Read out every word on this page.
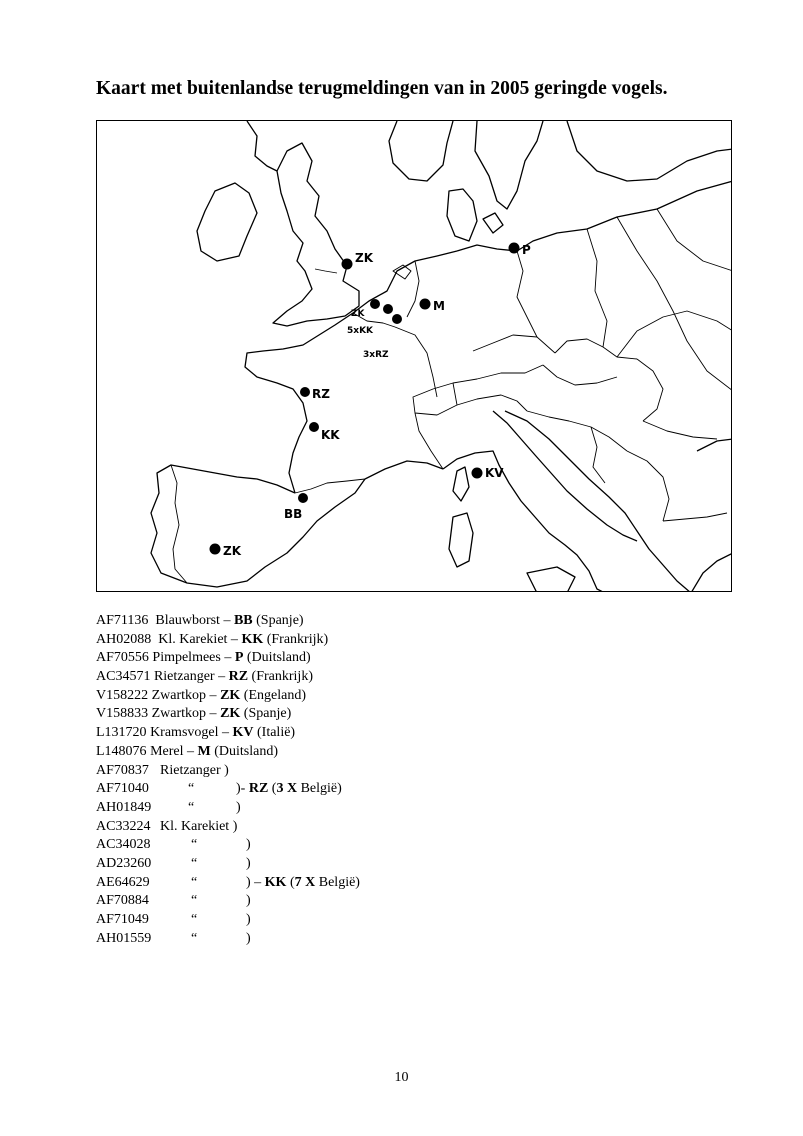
Kaart met buitenlandse terugmeldingen van in 2005 geringde vogels.
ZK
P
M
ZK
5xKK
3xRZ
RZ
KK
KV
BB
ZK
AF71136 Blauwborst – BB (Spanje)
AH02088 Kl. Karekiet – KK (Frankrijk)
AF70556 Pimpelmees – P (Duitsland)
AC34571 Rietzanger – RZ (Frankrijk)
V158222 Zwartkop – ZK (Engeland)
V158833 Zwartkop – ZK (Spanje)
L131720 Kramsvogel – KV (Italië)
L148076 Merel – M (Duitsland)
AF70837 Rietzanger )
AF71040	“	)- RZ (3 X België)
AH01849	“	)
AC33224 Kl. Karekiet )
AC34028	“	)
AD23260	“	)
AE64629	“	) – KK (7 X België)
AF70884	“	)
AF71049	“	)
AH01559	“	)
10
